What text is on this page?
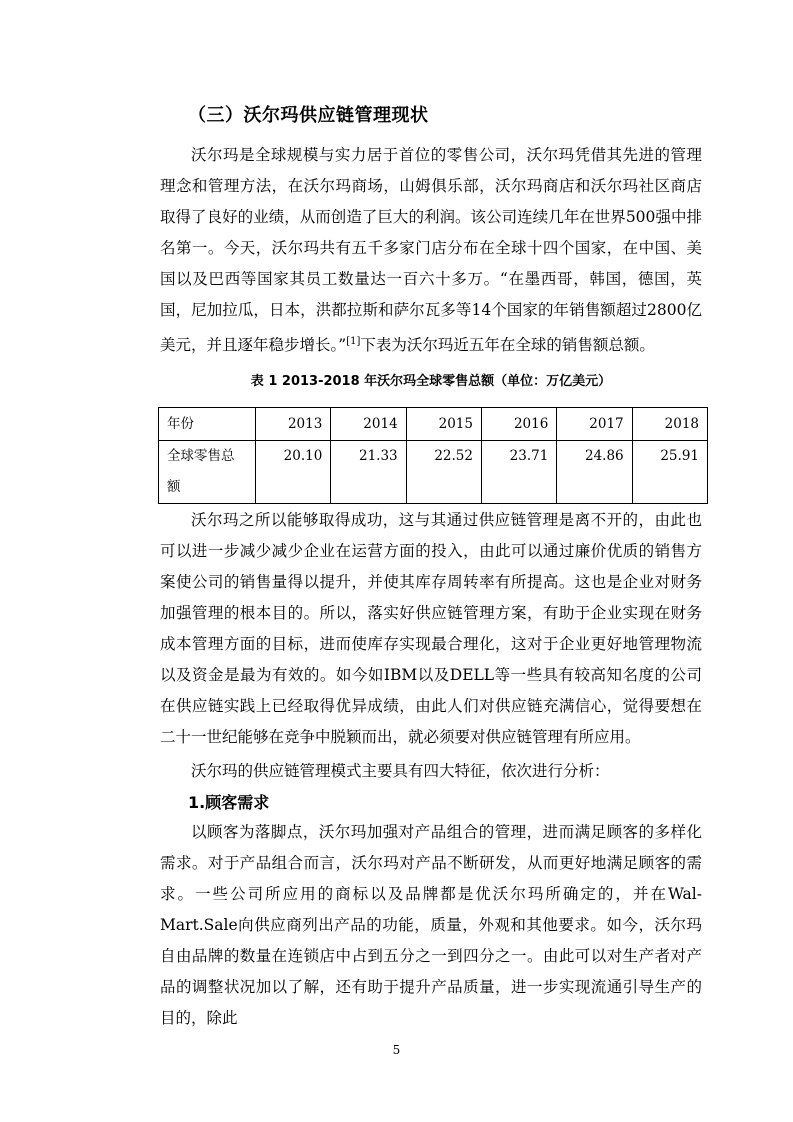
（三）沃尔玛供应链管理现状

沃尔玛是全球规模与实力居于首位的零售公司，沃尔玛凭借其先进的管理理念和管理方法，在沃尔玛商场，山姆俱乐部，沃尔玛商店和沃尔玛社区商店取得了良好的业绩，从而创造了巨大的利润。该公司连续几年在世界500强中排名第一。今天，沃尔玛共有五千多家门店分布在全球十四个国家，在中国、美国以及巴西等国家其员工数量达一百六十多万。“在墨西哥，韩国，德国，英国，尼加拉瓜，日本，洪都拉斯和萨尔瓦多等14个国家的年销售额超过2800亿美元，并且逐年稳步增长。”[1]下表为沃尔玛近五年在全球的销售额总额。

表 1 2013-2018 年沃尔玛全球零售总额（单位：万亿美元）
年份	2013	2014	2015	2016	2017	2018
全球零售总额	20.10	21.33	22.52	23.71	24.86	25.91

沃尔玛之所以能够取得成功，这与其通过供应链管理是离不开的，由此也可以进一步减少减少企业在运营方面的投入，由此可以通过廉价优质的销售方案使公司的销售量得以提升，并使其库存周转率有所提高。这也是企业对财务加强管理的根本目的。所以，落实好供应链管理方案，有助于企业实现在财务成本管理方面的目标，进而使库存实现最合理化，这对于企业更好地管理物流以及资金是最为有效的。如今如IBM以及DELL等一些具有较高知名度的公司在供应链实践上已经取得优异成绩，由此人们对供应链充满信心，觉得要想在二十一世纪能够在竞争中脱颖而出，就必须要对供应链管理有所应用。

沃尔玛的供应链管理模式主要具有四大特征，依次进行分析：

1.顾客需求

以顾客为落脚点，沃尔玛加强对产品组合的管理，进而满足顾客的多样化需求。对于产品组合而言，沃尔玛对产品不断研发，从而更好地满足顾客的需求。一些公司所应用的商标以及品牌都是优沃尔玛所确定的，并在Wal-Mart.Sale向供应商列出产品的功能，质量，外观和其他要求。如今，沃尔玛自由品牌的数量在连锁店中占到五分之一到四分之一。由此可以对生产者对产品的调整状况加以了解，还有助于提升产品质量，进一步实现流通引导生产的目的，除此

5
